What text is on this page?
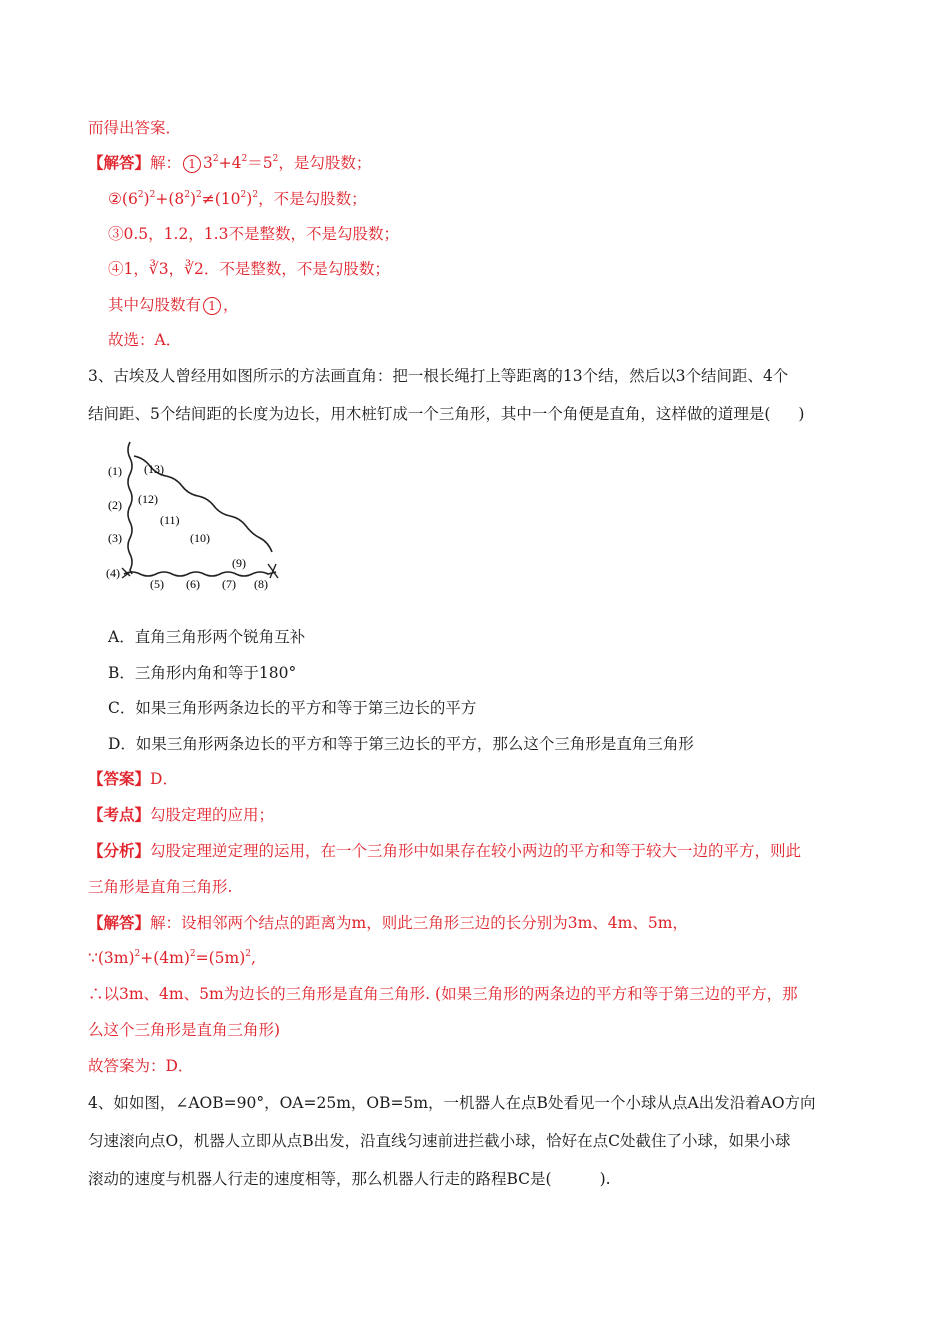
而得出答案．
【解答】解： 1 $3^2+4^2=5^2$，是勾股数；
$②(6^2)^2+(8^2)^2\ne(10^2)^2$，不是勾股数；
③0.5，1.2，1.3不是整数，不是勾股数；
④1，∛3，∛2．不是整数，不是勾股数；
其中勾股数有 1 ，
故选：A．
3、古埃及人曾经用如图所示的方法画直角：把一根长绳打上等距离的13个结，然后以3个结间距、4个
结间距、5个结间距的长度为边长，用木桩钉成一个三角形，其中一个角便是直角，这样做的道理是( )
(1)
(2)
(3)
(4)
(5) (6) (7) (8)
(9)
(10)
(11)
(12)
(13)
A．直角三角形两个锐角互补
B．三角形内角和等于180°
C．如果三角形两条边长的平方和等于第三边长的平方
D．如果三角形两条边长的平方和等于第三边长的平方，那么这个三角形是直角三角形
【答案】D．
【考点】勾股定理的应用；
【分析】勾股定理逆定理的运用，在一个三角形中如果存在较小两边的平方和等于较大一边的平方，则此
三角形是直角三角形.
【解答】解：设相邻两个结点的距离为m，则此三角形三边的长分别为3m、4m、5m，
$\because(3m)^2+(4m)^2=(5m)^2$,
∴以3m、4m、5m为边长的三角形是直角三角形. (如果三角形的两条边的平方和等于第三边的平方，那
么这个三角形是直角三角形)
故答案为：D．
4、如如图，∠AOB=90°，OA=25m，OB=5m，一机器人在点B处看见一个小球从点A出发沿着AO方向
匀速滚向点O，机器人立即从点B出发，沿直线匀速前进拦截小球，恰好在点C处截住了小球，如果小球
滚动的速度与机器人行走的速度相等，那么机器人行走的路程BC是(	).
